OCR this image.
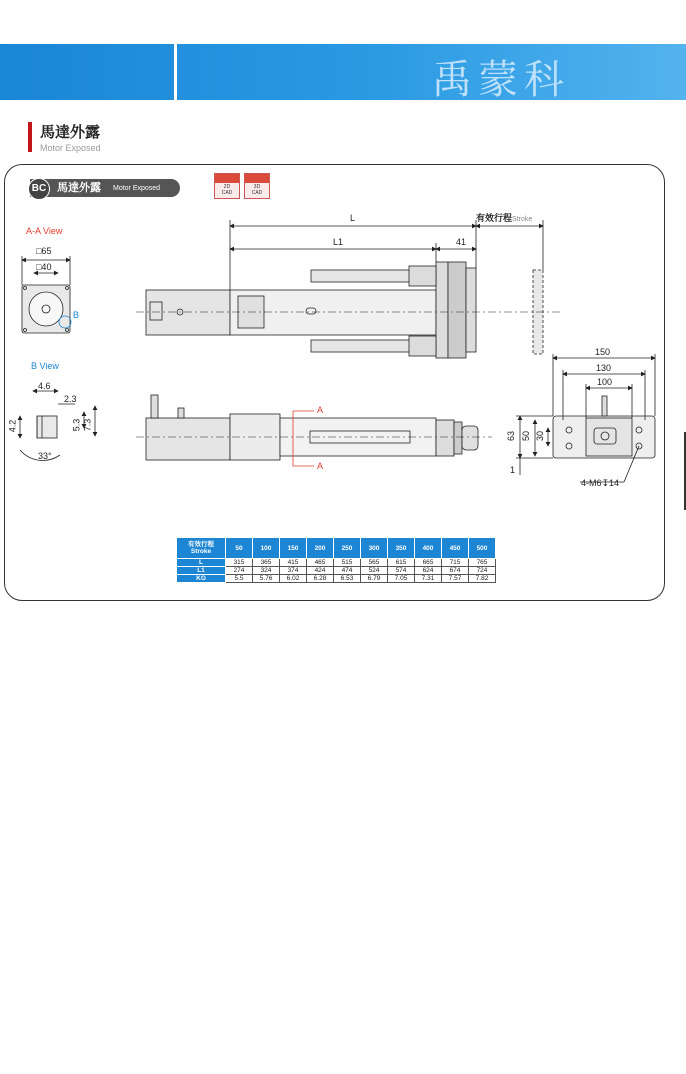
禹蒙科
馬達外露
Motor Exposed
BC 馬達外露 Motor Exposed	2D
CAD
3D
CAD
A-A View
□65
□40
B
B View
4.6
2.3
4.2	5.3 7.3
33°
L
L1	41
有效行程Stroke
A
A
150
130
100
63 50 30
1
4-M6↧14
有效行程
Stroke	50	100	150	200	250	300	350	400	450	500
L	315	365	415	465	515	565	615	665	715	765
L1	274	324	374	424	474	524	574	624	674	724
KG	5.5	5.76	6.02	6.28	6.53	6.79	7.05	7.31	7.57	7.82
